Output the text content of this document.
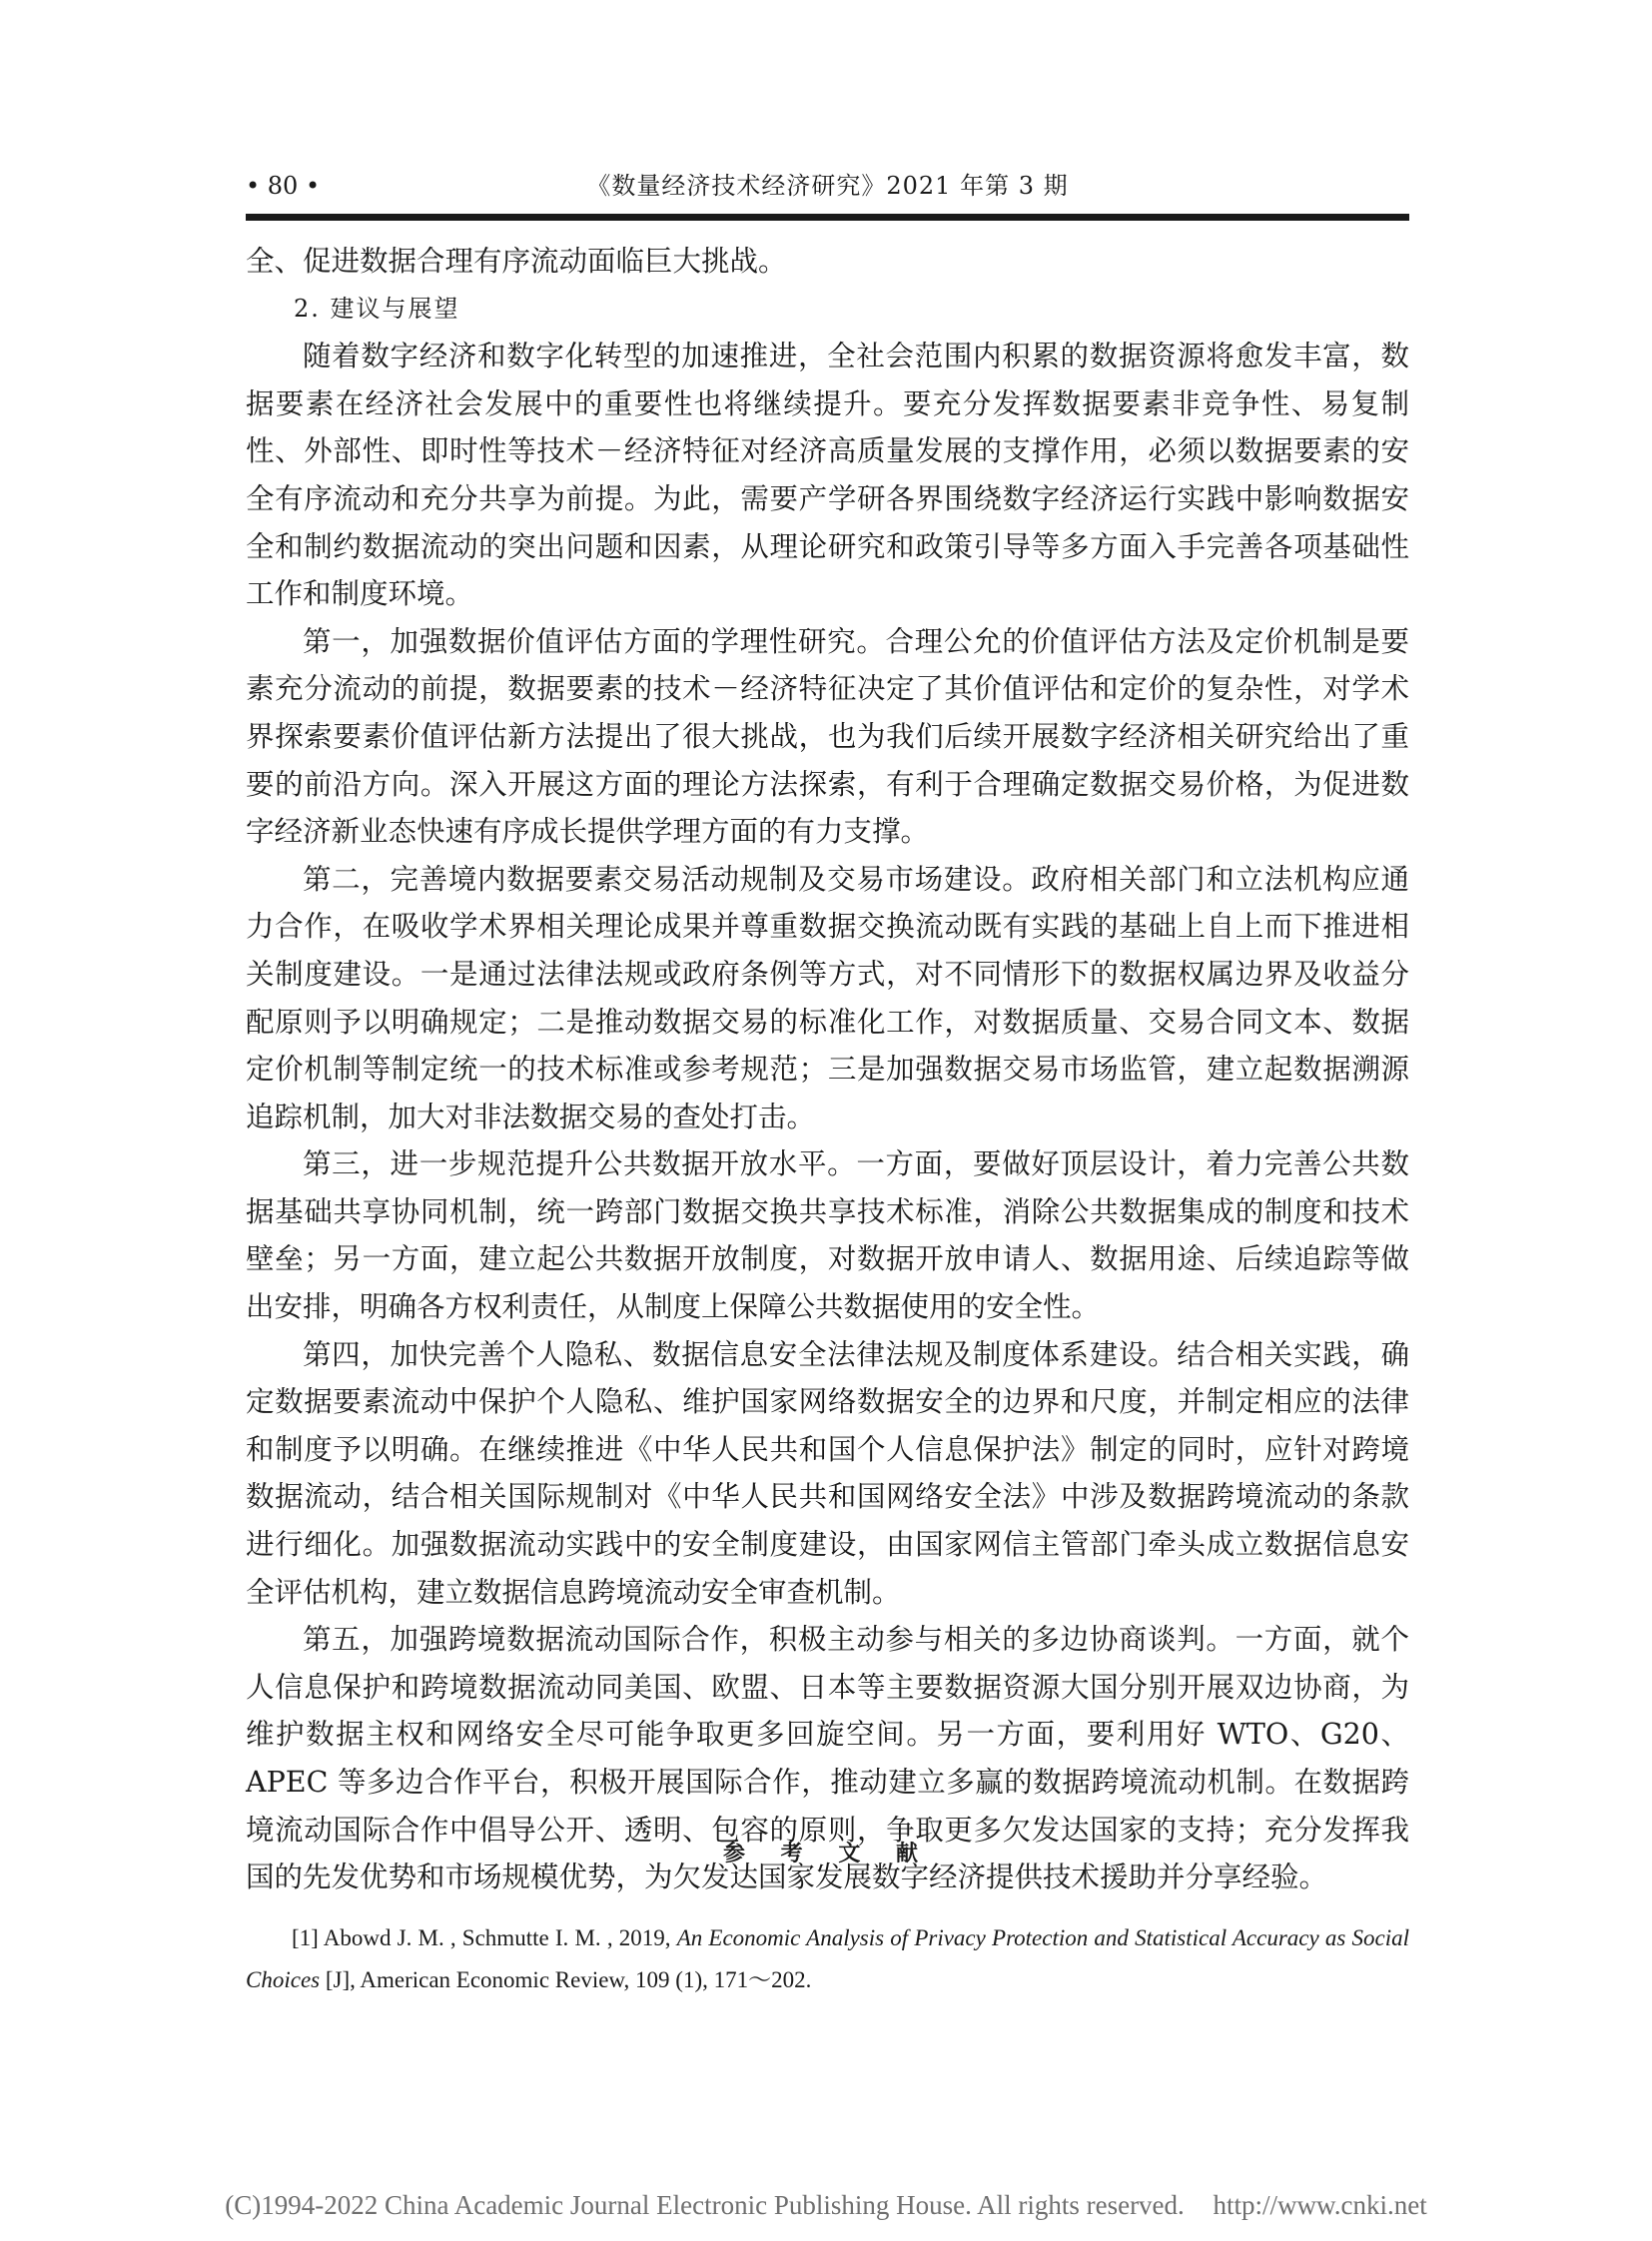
• 80 •	《数量经济技术经济研究》2021 年第 3 期

全、促进数据合理有序流动面临巨大挑战。

2. 建议与展望

随着数字经济和数字化转型的加速推进，全社会范围内积累的数据资源将愈发丰富，数据要素在经济社会发展中的重要性也将继续提升。要充分发挥数据要素非竞争性、易复制性、外部性、即时性等技术－经济特征对经济高质量发展的支撑作用，必须以数据要素的安全有序流动和充分共享为前提。为此，需要产学研各界围绕数字经济运行实践中影响数据安全和制约数据流动的突出问题和因素，从理论研究和政策引导等多方面入手完善各项基础性工作和制度环境。

第一，加强数据价值评估方面的学理性研究。合理公允的价值评估方法及定价机制是要素充分流动的前提，数据要素的技术－经济特征决定了其价值评估和定价的复杂性，对学术界探索要素价值评估新方法提出了很大挑战，也为我们后续开展数字经济相关研究给出了重要的前沿方向。深入开展这方面的理论方法探索，有利于合理确定数据交易价格，为促进数字经济新业态快速有序成长提供学理方面的有力支撑。

第二，完善境内数据要素交易活动规制及交易市场建设。政府相关部门和立法机构应通力合作，在吸收学术界相关理论成果并尊重数据交换流动既有实践的基础上自上而下推进相关制度建设。一是通过法律法规或政府条例等方式，对不同情形下的数据权属边界及收益分配原则予以明确规定；二是推动数据交易的标准化工作，对数据质量、交易合同文本、数据定价机制等制定统一的技术标准或参考规范；三是加强数据交易市场监管，建立起数据溯源追踪机制，加大对非法数据交易的查处打击。

第三，进一步规范提升公共数据开放水平。一方面，要做好顶层设计，着力完善公共数据基础共享协同机制，统一跨部门数据交换共享技术标准，消除公共数据集成的制度和技术壁垒；另一方面，建立起公共数据开放制度，对数据开放申请人、数据用途、后续追踪等做出安排，明确各方权利责任，从制度上保障公共数据使用的安全性。

第四，加快完善个人隐私、数据信息安全法律法规及制度体系建设。结合相关实践，确定数据要素流动中保护个人隐私、维护国家网络数据安全的边界和尺度，并制定相应的法律和制度予以明确。在继续推进《中华人民共和国个人信息保护法》制定的同时，应针对跨境数据流动，结合相关国际规制对《中华人民共和国网络安全法》中涉及数据跨境流动的条款进行细化。加强数据流动实践中的安全制度建设，由国家网信主管部门牵头成立数据信息安全评估机构，建立数据信息跨境流动安全审查机制。

第五，加强跨境数据流动国际合作，积极主动参与相关的多边协商谈判。一方面，就个人信息保护和跨境数据流动同美国、欧盟、日本等主要数据资源大国分别开展双边协商，为维护数据主权和网络安全尽可能争取更多回旋空间。另一方面，要利用好 WTO、G20、APEC 等多边合作平台，积极开展国际合作，推动建立多赢的数据跨境流动机制。在数据跨境流动国际合作中倡导公开、透明、包容的原则，争取更多欠发达国家的支持；充分发挥我国的先发优势和市场规模优势，为欠发达国家发展数字经济提供技术援助并分享经验。

参 考 文 献
[1] Abowd J. M. , Schmutte I. M. , 2019, An Economic Analysis of Privacy Protection and Statistical Accuracy as Social Choices [J], American Economic Review, 109 (1), 171～202.
(C)1994-2022 China Academic Journal Electronic Publishing House. All rights reserved. http://www.cnki.net
